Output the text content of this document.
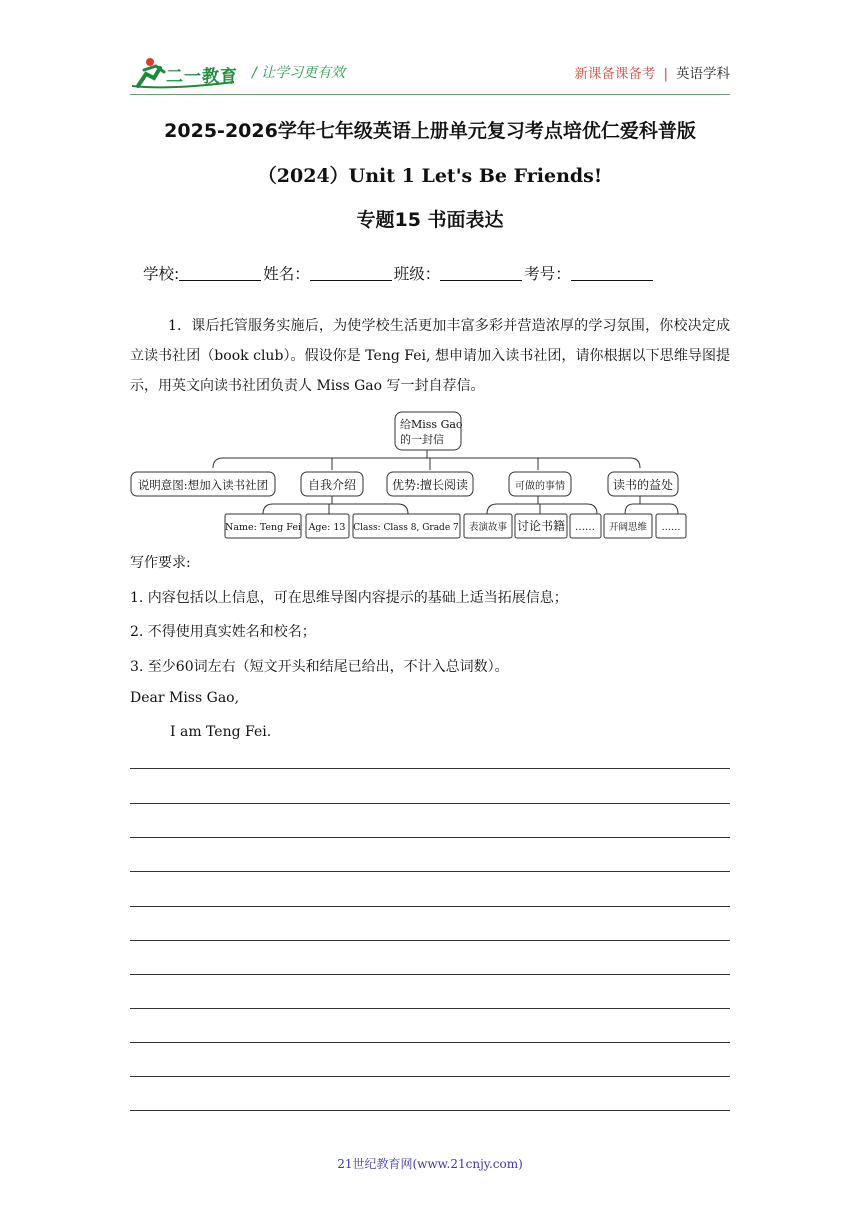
二一教育 / 让学习更有效	新课备课备考 | 英语学科
2025-2026学年七年级英语上册单元复习考点培优仁爱科普版
（2024）Unit 1 Let's Be Friends!
专题15 书面表达
学校:	姓名：	班级：	考号：
1．课后托管服务实施后，为使学校生活更加丰富多彩并营造浓厚的学习氛围，你校决定成立读书社团（book club）。假设你是 Teng Fei, 想申请加入读书社团，请你根据以下思维导图提示，用英文向读书社团负责人 Miss Gao 写一封自荐信。
给Miss Gao
的一封信
说明意图:想加入读书社团	自我介绍	优势:擅长阅读	可做的事情	读书的益处
Name: Teng Fei Age: 13 Class: Class 8, Grade 7 表演故事 讨论书籍 …… 开阔思维 ……
写作要求:
1. 内容包括以上信息，可在思维导图内容提示的基础上适当拓展信息；
2. 不得使用真实姓名和校名；
3. 至少60词左右（短文开头和结尾已给出，不计入总词数）。
Dear Miss Gao,
I am Teng Fei.
21世纪教育网(www.21cnjy.com)
